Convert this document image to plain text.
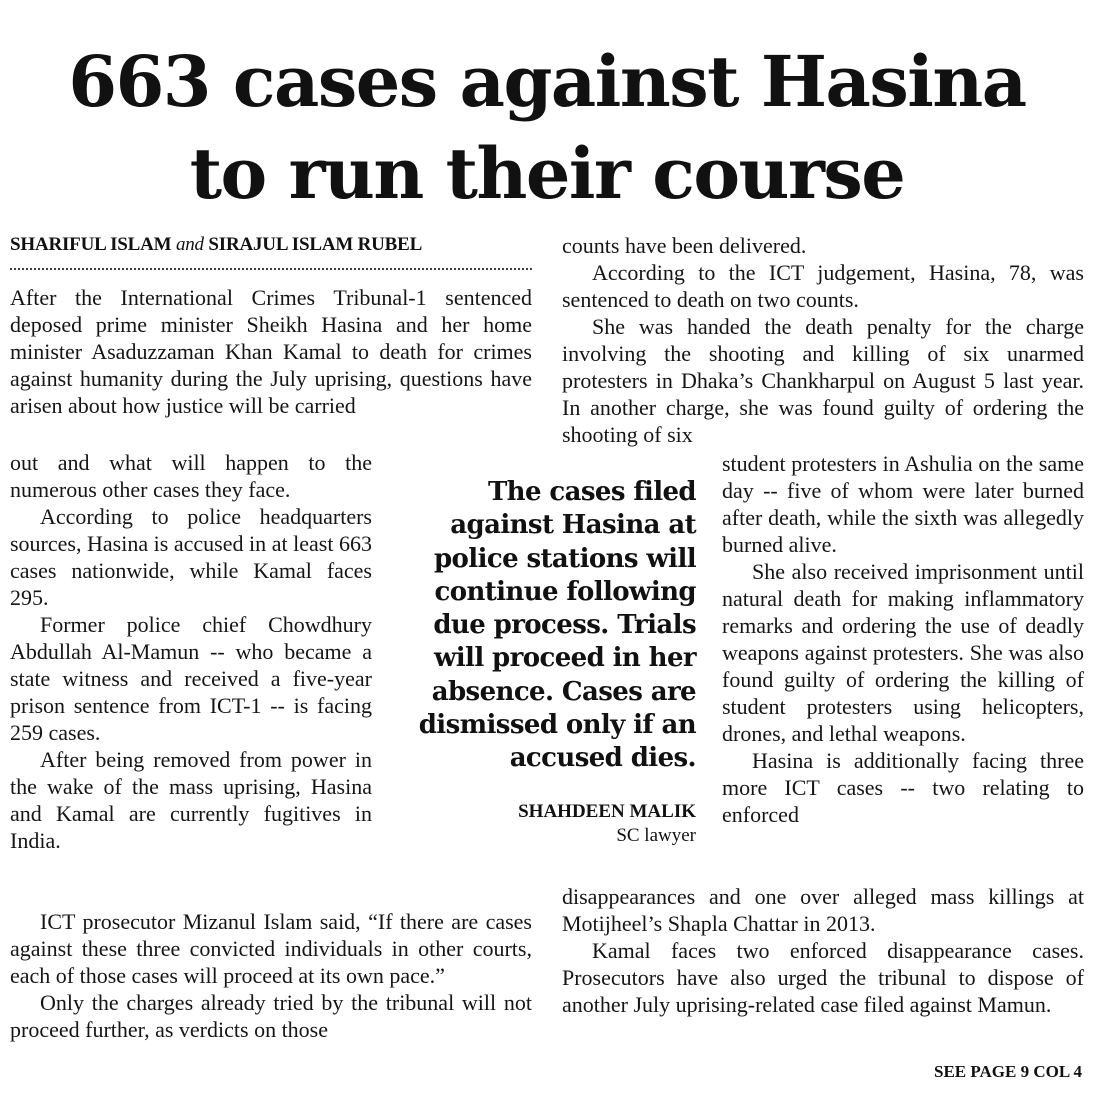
663 cases against Hasina
to run their course
SHARIFUL ISLAM and SIRAJUL ISLAM RUBEL

After the International Crimes Tribunal-1 sentenced deposed prime minister Sheikh Hasina and her home minister Asaduzzaman Khan Kamal to death for crimes against humanity during the July uprising, questions have arisen about how justice will be carried

out and what will happen to the numerous other cases they face.

According to police headquarters sources, Hasina is accused in at least 663 cases nationwide, while Kamal faces 295.

Former police chief Chowdhury Abdullah Al-Mamun -- who became a state witness and received a five-year prison sentence from ICT-1 -- is facing 259 cases.

After being removed from power in the wake of the mass uprising, Hasina and Kamal are currently fugitives in India.

ICT prosecutor Mizanul Islam said, “If there are cases against these three convicted individuals in other courts, each of those cases will proceed at its own pace.”

Only the charges already tried by the tribunal will not proceed further, as verdicts on those

counts have been delivered.

According to the ICT judgement, Hasina, 78, was sentenced to death on two counts.

She was handed the death penalty for the charge involving the shooting and killing of six unarmed protesters in Dhaka’s Chankharpul on August 5 last year. In another charge, she was found guilty of ordering the shooting of six

student protesters in Ashulia on the same day -- five of whom were later burned after death, while the sixth was allegedly burned alive.

She also received imprisonment until natural death for making inflammatory remarks and ordering the use of deadly weapons against protesters. She was also found guilty of ordering the killing of student protesters using helicopters, drones, and lethal weapons.

Hasina is additionally facing three more ICT cases -- two relating to enforced

disappearances and one over alleged mass killings at Motijheel’s Shapla Chattar in 2013.

Kamal faces two enforced disappearance cases. Prosecutors have also urged the tribunal to dispose of another July uprising-related case filed against Mamun.

The cases filed against Hasina at police stations will continue following due process. Trials will proceed in her absence. Cases are dismissed only if an accused dies.
SHAHDEEN MALIK
SC lawyer
SEE PAGE 9 COL 4
